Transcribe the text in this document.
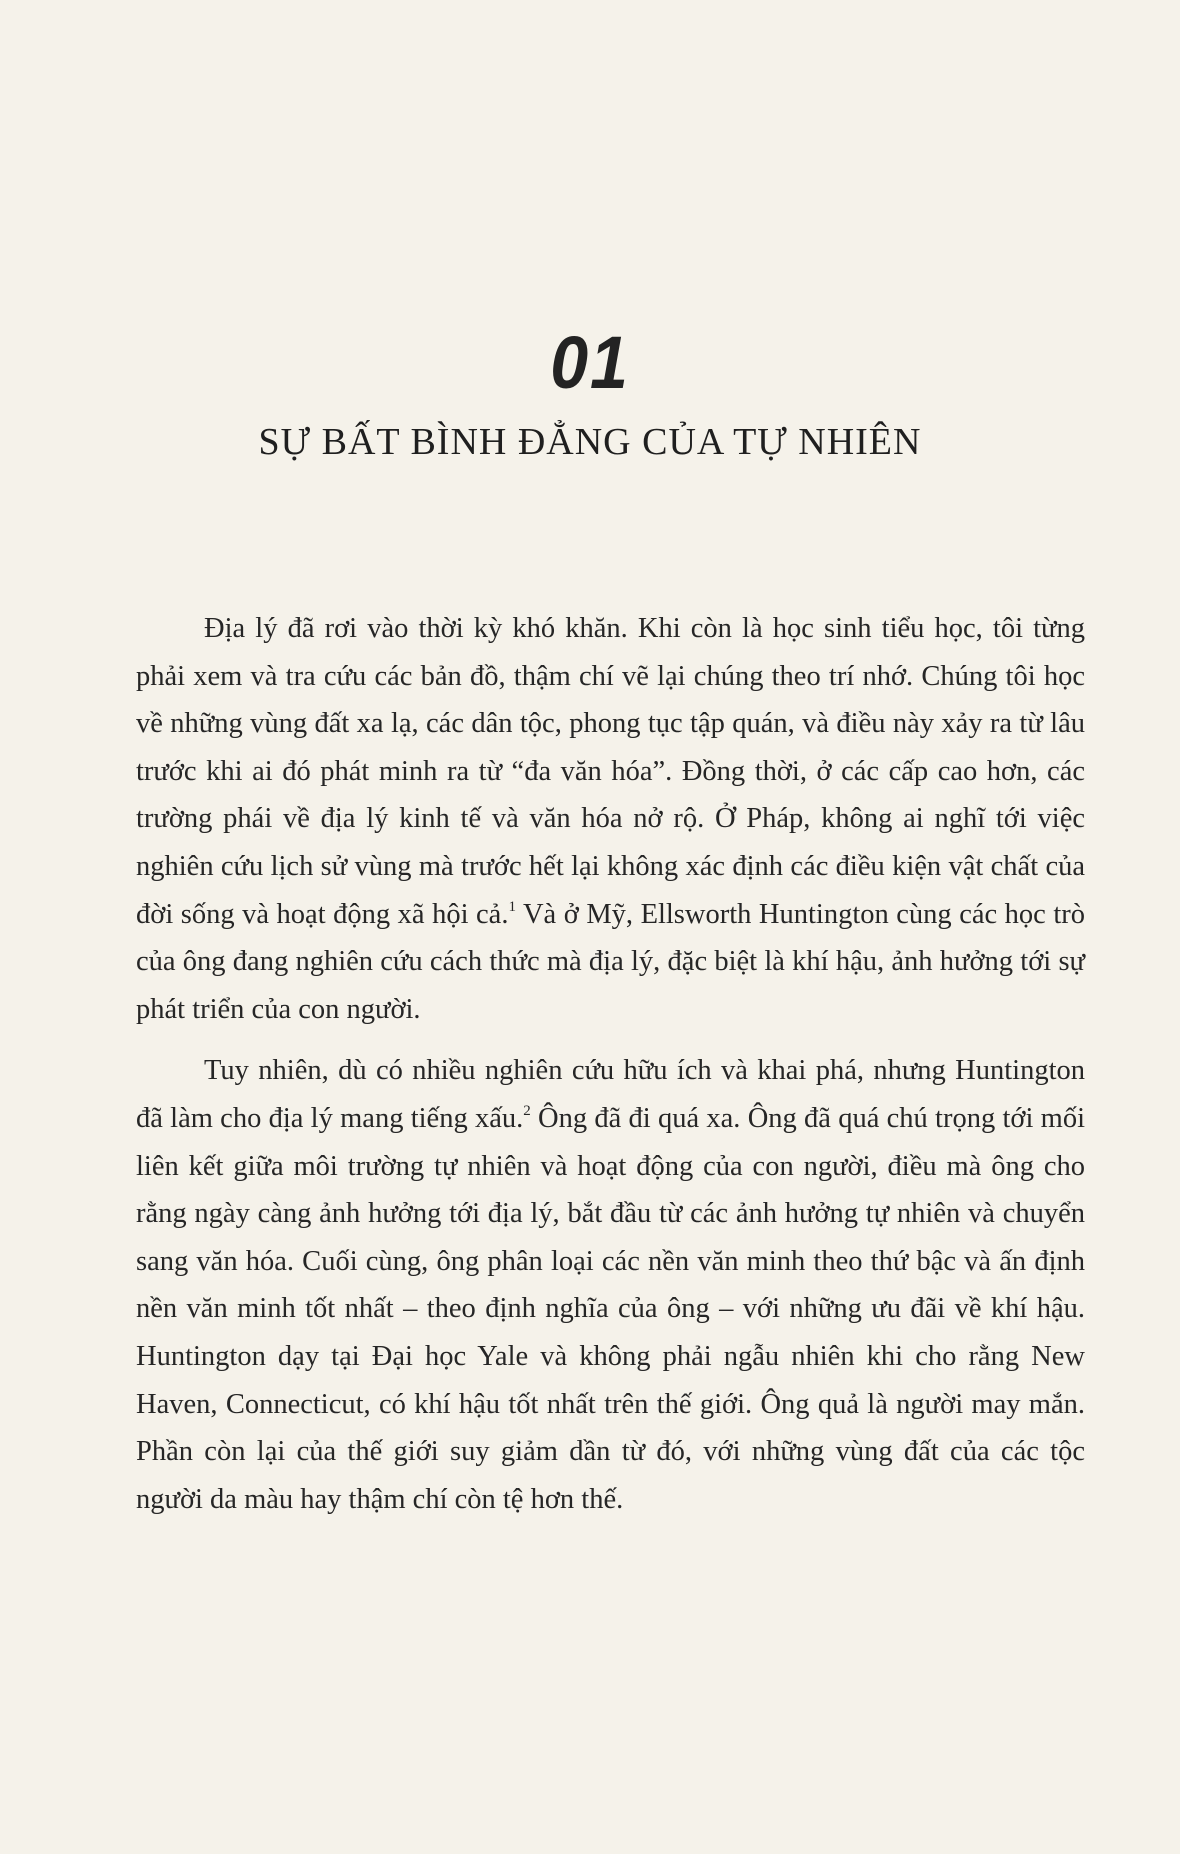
01
SỰ BẤT BÌNH ĐẲNG CỦA TỰ NHIÊN

Địa lý đã rơi vào thời kỳ khó khăn. Khi còn là học sinh tiểu học, tôi từng phải xem và tra cứu các bản đồ, thậm chí vẽ lại chúng theo trí nhớ. Chúng tôi học về những vùng đất xa lạ, các dân tộc, phong tục tập quán, và điều này xảy ra từ lâu trước khi ai đó phát minh ra từ “đa văn hóa”. Đồng thời, ở các cấp cao hơn, các trường phái về địa lý kinh tế và văn hóa nở rộ. Ở Pháp, không ai nghĩ tới việc nghiên cứu lịch sử vùng mà trước hết lại không xác định các điều kiện vật chất của đời sống và hoạt động xã hội cả.$^1$ Và ở Mỹ, Ellsworth Huntington cùng các học trò của ông đang nghiên cứu cách thức mà địa lý, đặc biệt là khí hậu, ảnh hưởng tới sự phát triển của con người.

Tuy nhiên, dù có nhiều nghiên cứu hữu ích và khai phá, nhưng Huntington đã làm cho địa lý mang tiếng xấu.$^2$ Ông đã đi quá xa. Ông đã quá chú trọng tới mối liên kết giữa môi trường tự nhiên và hoạt động của con người, điều mà ông cho rằng ngày càng ảnh hưởng tới địa lý, bắt đầu từ các ảnh hưởng tự nhiên và chuyển sang văn hóa. Cuối cùng, ông phân loại các nền văn minh theo thứ bậc và ấn định nền văn minh tốt nhất – theo định nghĩa của ông – với những ưu đãi về khí hậu. Huntington dạy tại Đại học Yale và không phải ngẫu nhiên khi cho rằng New Haven, Connecticut, có khí hậu tốt nhất trên thế giới. Ông quả là người may mắn. Phần còn lại của thế giới suy giảm dần từ đó, với những vùng đất của các tộc người da màu hay thậm chí còn tệ hơn thế.
